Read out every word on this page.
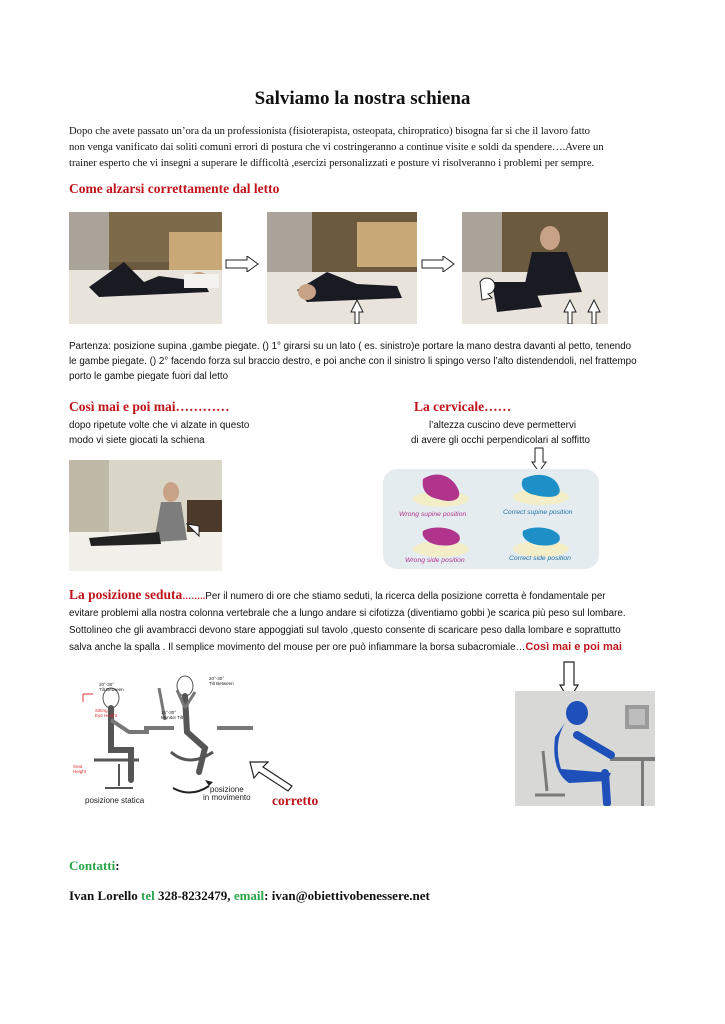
Salviamo la nostra schiena
Dopo che avete passato un’ora da un professionista (fisioterapista, osteopata, chiropratico) bisogna far si che il lavoro fatto
non venga vanificato dai soliti comuni errori di postura che vi costringeranno a continue visite e soldi da spendere….Avere un
trainer esperto che vi insegni a superare le difficoltà ,esercizi personalizzati e posture vi risolveranno i problemi per sempre.
Come alzarsi correttamente dal letto
Partenza: posizione supina ,gambe piegate. () 1° girarsi su un lato ( es. sinistro)e portare la mano destra davanti al petto, tenendo
le gambe piegate. () 2° facendo forza sul braccio destro, e poi anche con il sinistro li spingo verso l’alto distendendoli, nel frattempo
porto le gambe piegate fuori dal letto
Così mai e poi mai…………
dopo ripetute volte che vi alzate in questo
modo vi siete giocati la schiena
La cervicale……
l’altezza cuscino deve permettervi
di avere gli occhi perpendicolari al soffitto
Wrong supine position	Correct supine position
Wrong side position	Correct side position
La posizione seduta……..Per il numero di ore che stiamo seduti, la ricerca della posizione corretta è fondamentale per
evitare problemi alla nostra colonna vertebrale che a lungo andare si cifotizza (diventiamo gobbi )e scarica più peso sul lombare.
Sottolineo che gli avambracci devono stare appoggiati sul tavolo ,questo consente di scaricare peso dalla lombare e soprattutto
salva anche la spalla . Il semplice movimento del mouse per ore può infiammare la borsa subacromiale…Così mai e poi mai
20°-30°
Tilt Between
20°-30°
Tilt Between
Sitting
Eye Height
15°-30°
Monitor Tilt
Seat
Height
posizione statica
posizione
in movimento corretto
Contatti:
Ivan Lorello tel 328-8232479, email: ivan@obiettivobenessere.net
